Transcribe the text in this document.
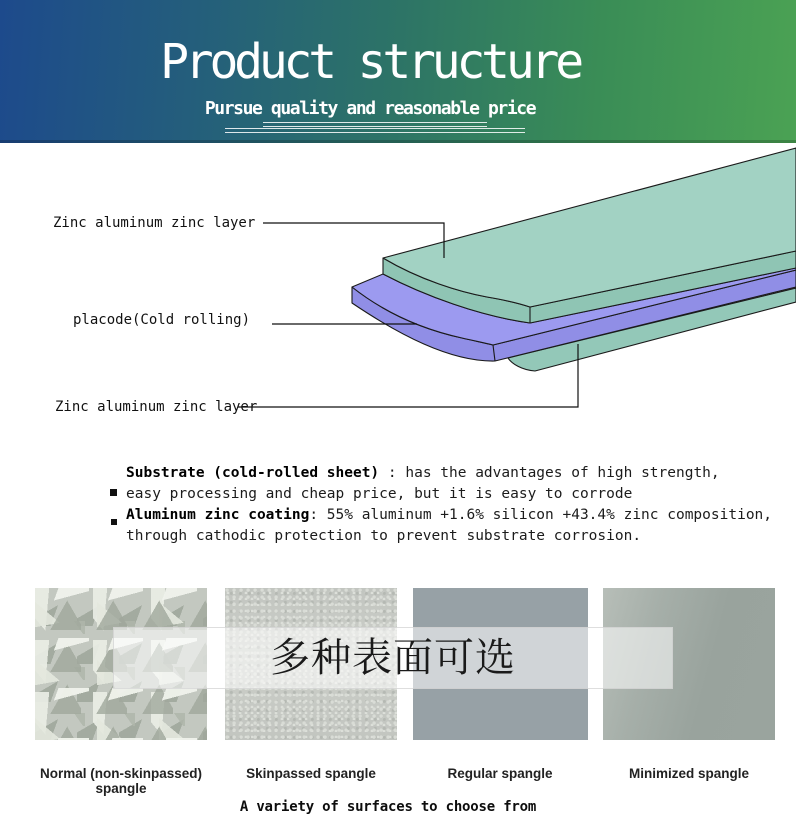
Product structure
Pursue quality and reasonable price
Zinc aluminum zinc layer
placode(Cold rolling)
Zinc aluminum zinc layer
Substrate (cold-rolled sheet) : has the advantages of high strength,
easy processing and cheap price, but it is easy to corrode
Aluminum zinc coating: 55% aluminum +1.6% silicon +43.4% zinc composition,
through cathodic protection to prevent substrate corrosion.
多种表面可选
Normal (non-skinpassed) spangle
Skinpassed spangle	Regular spangle	Minimized spangle
A variety of surfaces to choose from
